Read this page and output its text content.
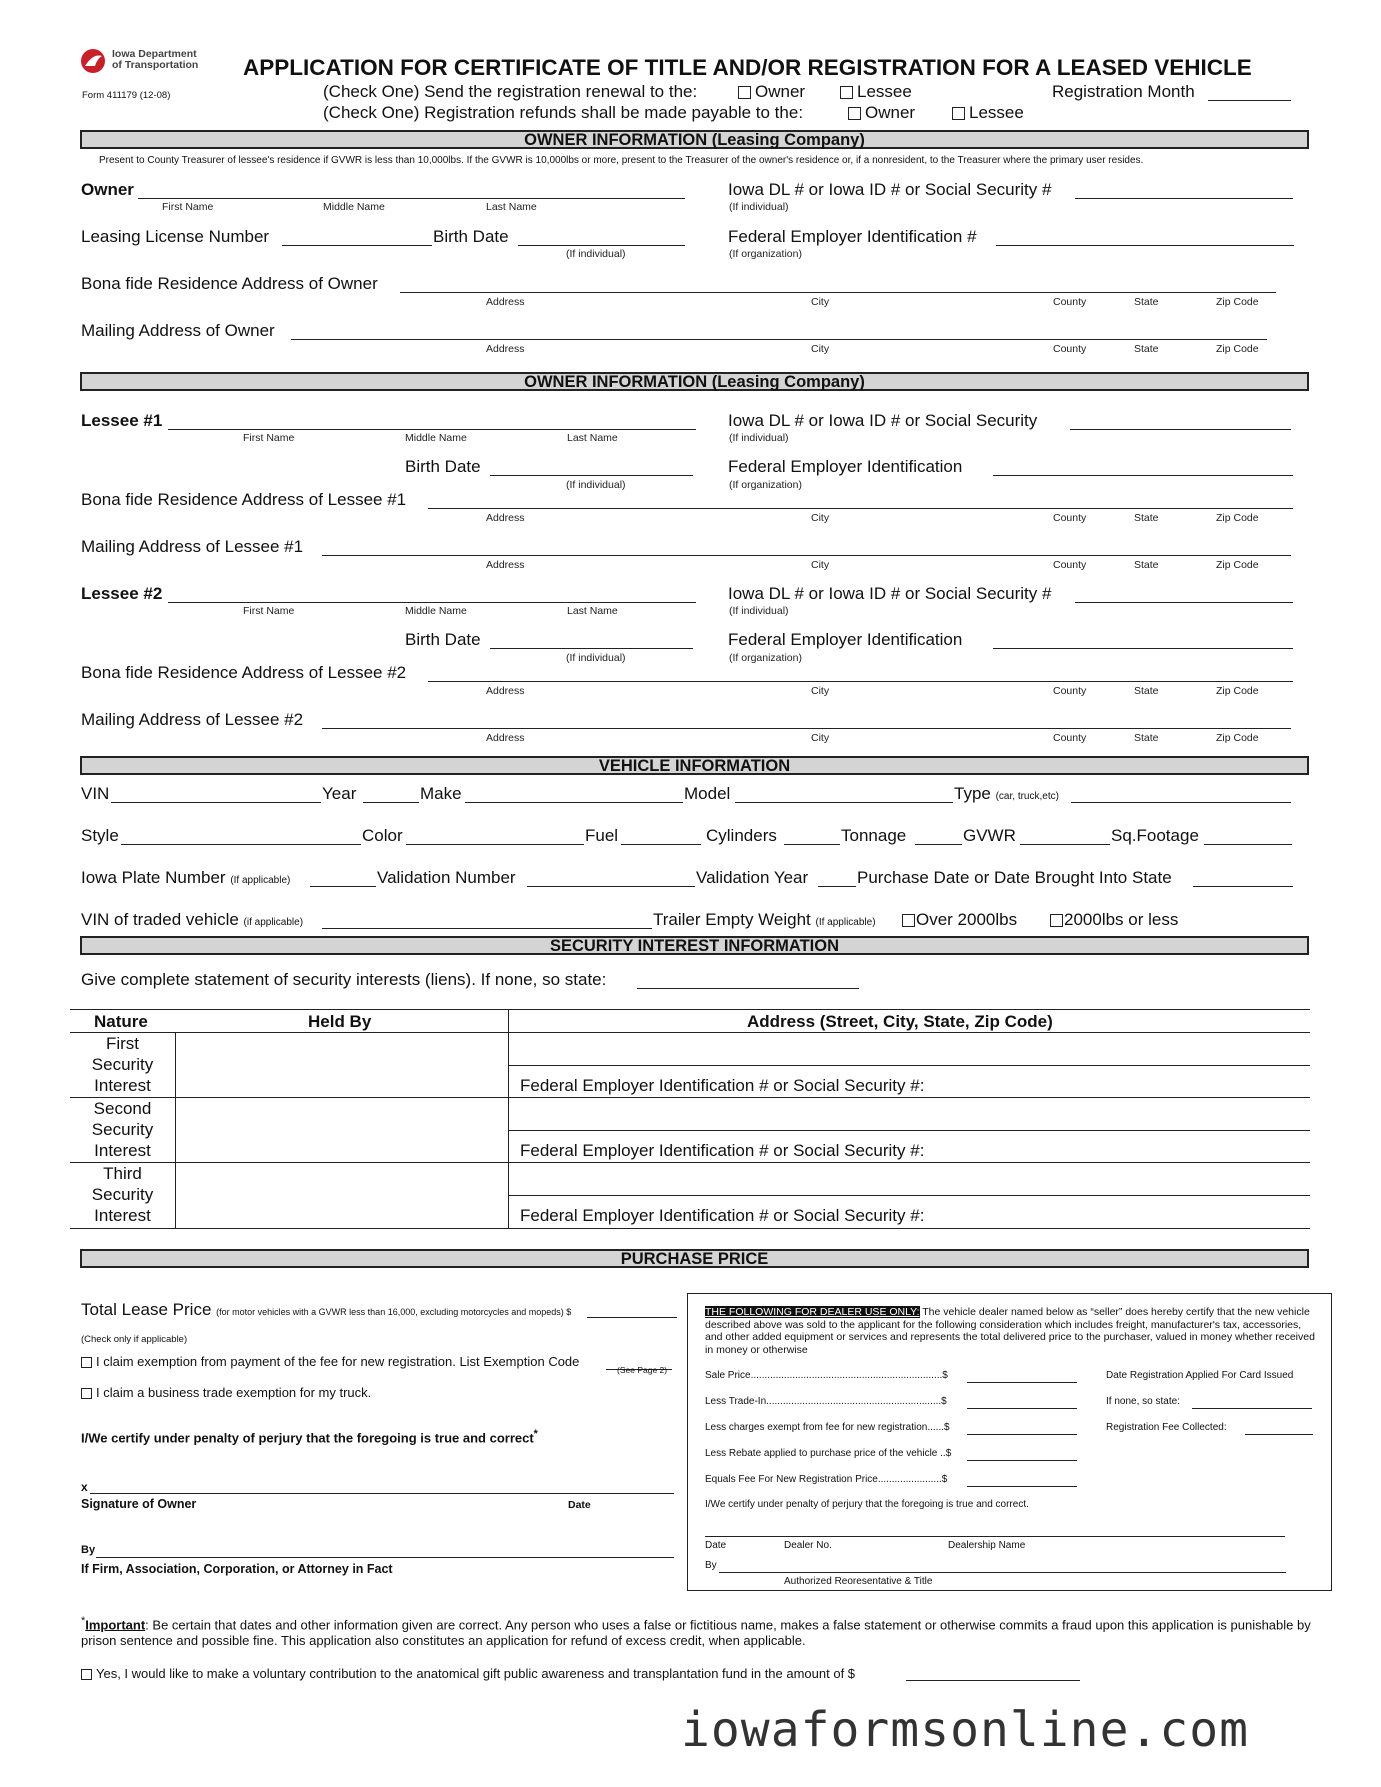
Iowa Department
of Transportation
Form 411179 (12-08)
APPLICATION FOR CERTIFICATE OF TITLE AND/OR REGISTRATION FOR A LEASED VEHICLE
(Check One) Send the registration renewal to the:	Owner	Lessee	Registration Month
(Check One) Registration refunds shall be made payable to the:	Owner	Lessee
OWNER INFORMATION (Leasing Company)
Present to County Treasurer of lessee's residence if GVWR is less than 10,000lbs. If the GVWR is 10,000lbs or more, present to the Treasurer of the owner's residence or, if a nonresident, to the Treasurer where the primary user resides.
Owner
First Name	Middle Name	Last Name
Iowa DL # or Iowa ID # or Social Security #
(If individual)
Leasing License Number	Birth Date
(If individual)
Federal Employer Identification #
(If organization)
Bona fide Residence Address of Owner
Address	City	County	State	Zip Code
Mailing Address of Owner
Address	City	County	State	Zip Code
OWNER INFORMATION (Leasing Company)
Lessee #1
First Name	Middle Name	Last Name
Iowa DL # or Iowa ID # or Social Security
(If individual)
Birth Date
(If individual)
Federal Employer Identification
(If organization)
Bona fide Residence Address of Lessee #1
Address	City	County	State	Zip Code
Mailing Address of Lessee #1
Address	City	County	State	Zip Code
Lessee #2
First Name	Middle Name	Last Name
Iowa DL # or Iowa ID # or Social Security #
(If individual)
Birth Date
(If individual)
Federal Employer Identification
(If organization)
Bona fide Residence Address of Lessee #2
Address	City	County	State	Zip Code
Mailing Address of Lessee #2
Address	City	County	State	Zip Code
VEHICLE INFORMATION
VIN	Year	Make	Model	Type (car, truck,etc)
Style	Color	Fuel	Cylinders	Tonnage	GVWR	Sq.Footage
Iowa Plate Number (If applicable)	Validation Number	Validation Year	Purchase Date or Date Brought Into State
VIN of traded vehicle (if applicable)	Trailer Empty Weight (If applicable)	Over 2000lbs	2000lbs or less
SECURITY INTEREST INFORMATION
Give complete statement of security interests (liens). If none, so state:
Nature	Held By	Address (Street, City, State, Zip Code)
First
Security
Interest	Federal Employer Identification # or Social Security #:
Second
Security
Interest	Federal Employer Identification # or Social Security #:
Third
Security
Interest	Federal Employer Identification # or Social Security #:
PURCHASE PRICE
Total Lease Price (for motor vehicles with a GVWR less than 16,000, excluding motorcycles and mopeds) $
(Check only if applicable)
I claim exemption from payment of the fee for new registration. List Exemption Code
(See Page 2)
I claim a business trade exemption for my truck.
I/We certify under penalty of perjury that the foregoing is true and correct*
x
Signature of Owner	Date
By
If Firm, Association, Corporation, or Attorney in Fact
THE FOLLOWING FOR DEALER USE ONLY: The vehicle dealer named below as “seller” does hereby certify that the new vehicle described above was sold to the applicant for the following consideration which includes freight, manufacturer's tax, accessories, and other added equipment or services and represents the total delivered price to the purchaser, valued in money whether received in money or otherwise
Sale Price.....................................................................$
Less Trade-In...............................................................$
Less charges exempt from fee for new registration......$
Less Rebate applied to purchase price of the vehicle ..$
Equals Fee For New Registration Price.......................$
Date Registration Applied For Card Issued
If none, so state:
Registration Fee Collected:
I/We certify under penalty of perjury that the foregoing is true and correct.
Date	Dealer No.	Dealership Name
By
Authorized Reoresentative & Title
*Important: Be certain that dates and other information given are correct. Any person who uses a false or fictitious name, makes a false statement or otherwise commits a fraud upon this application is punishable by prison sentence and possible fine. This application also constitutes an application for refund of excess credit, when applicable.
Yes, I would like to make a voluntary contribution to the anatomical gift public awareness and transplantation fund in the amount of $
iowaformsonline.com
